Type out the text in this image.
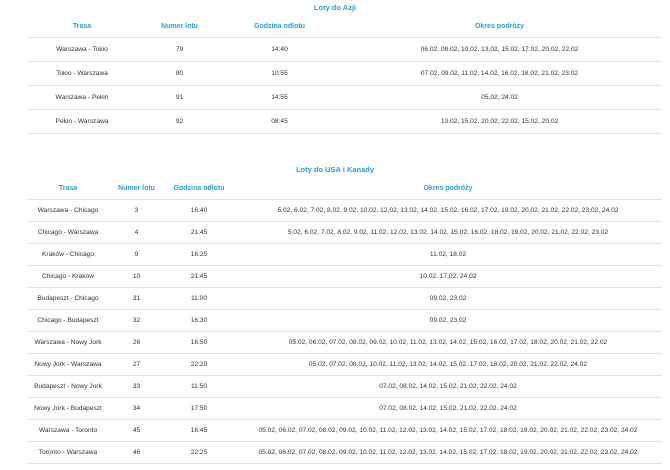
Loty do Azji
Trasa	Numer lotu	Godzina odlotu	Okres podróży
Warszawa - Tokio	79	14:40	06.02, 08.02, 10.02, 13.02, 15.02, 17.02, 20.02, 22.02
Tokio - Warszawa	80	10:55	07.02, 09.02, 11.02, 14.02, 16.02, 18.02, 21.02, 23.02
Warszawa - Pekin	91	14:55	05.02, 24.02
Pekin - Warszawa	92	08:45	13.02, 15.02, 20.02, 22.02, 15.02, 20.02
Loty do USA i Kanady
Trasa	Numer lotu	Godzina odlotu	Okres podróży
Warszawa - Chicago	3	16:40	5.02, 6.02, 7.02, 8.02, 9.02, 10.02, 12.02, 13.02, 14.02, 15.02, 16.02, 17.02, 19.02, 20.02, 21.02, 22.02, 23.02, 24.02
Chicago - Warszawa	4	21:45	5.02, 6.02, 7.02, 8.02, 9.02, 11.02, 12.02, 13.02, 14.02, 15.02, 16.02, 18.02, 19.02, 20.02, 21.02, 22.02, 23.02
Kraków - Chicago	9	16:25	11.02, 18.02
Chicago - Kraków	10	21:45	10.02, 17.02, 24.02
Budapeszt - Chicago	31	11:00	09.02, 23.02
Chicago - Budapeszt	32	16:30	09.02, 23.02
Warszawa - Nowy Jork	26	16:50	05.02, 06.02, 07.02, 08.02, 09.02, 10.02, 11.02, 13.02, 14.02, 15.02, 16.02, 17.02, 18.02, 20.02, 21.02, 22.02
Nowy Jork - Warszawa	27	22:20	05.02, 07.02, 08.02, 10.02, 11.02, 13.02, 14.02, 15.02, 17.02, 18.02, 20.02, 21.02, 22.02, 24.02
Budapeszt - Nowy Jork	33	11:50	07.02, 08.02, 14.02, 15.02, 21.02, 22.02, 24.02
Nowy Jork - Budapeszt	34	17:50	07.02, 08.02, 14.02, 15.02, 21.02, 22.02, 24.02
Warszawa - Toronto	45	16:45	05.02, 06.02, 07.02, 08.02, 09.02, 10.02, 11.02, 12.02, 13.02, 14.02, 15.02, 17.02, 18.02, 19.02, 20.02, 21.02, 22.02, 23.02, 24.02
Toronto - Warszawa	46	22:25	05.02, 06.02, 07.02, 08.02, 09.02, 10.02, 11.02, 12.02, 13.02, 14.02, 15.02, 17.02, 18.02, 19.02, 20.02, 21.02, 22.02, 23.02, 24.02
